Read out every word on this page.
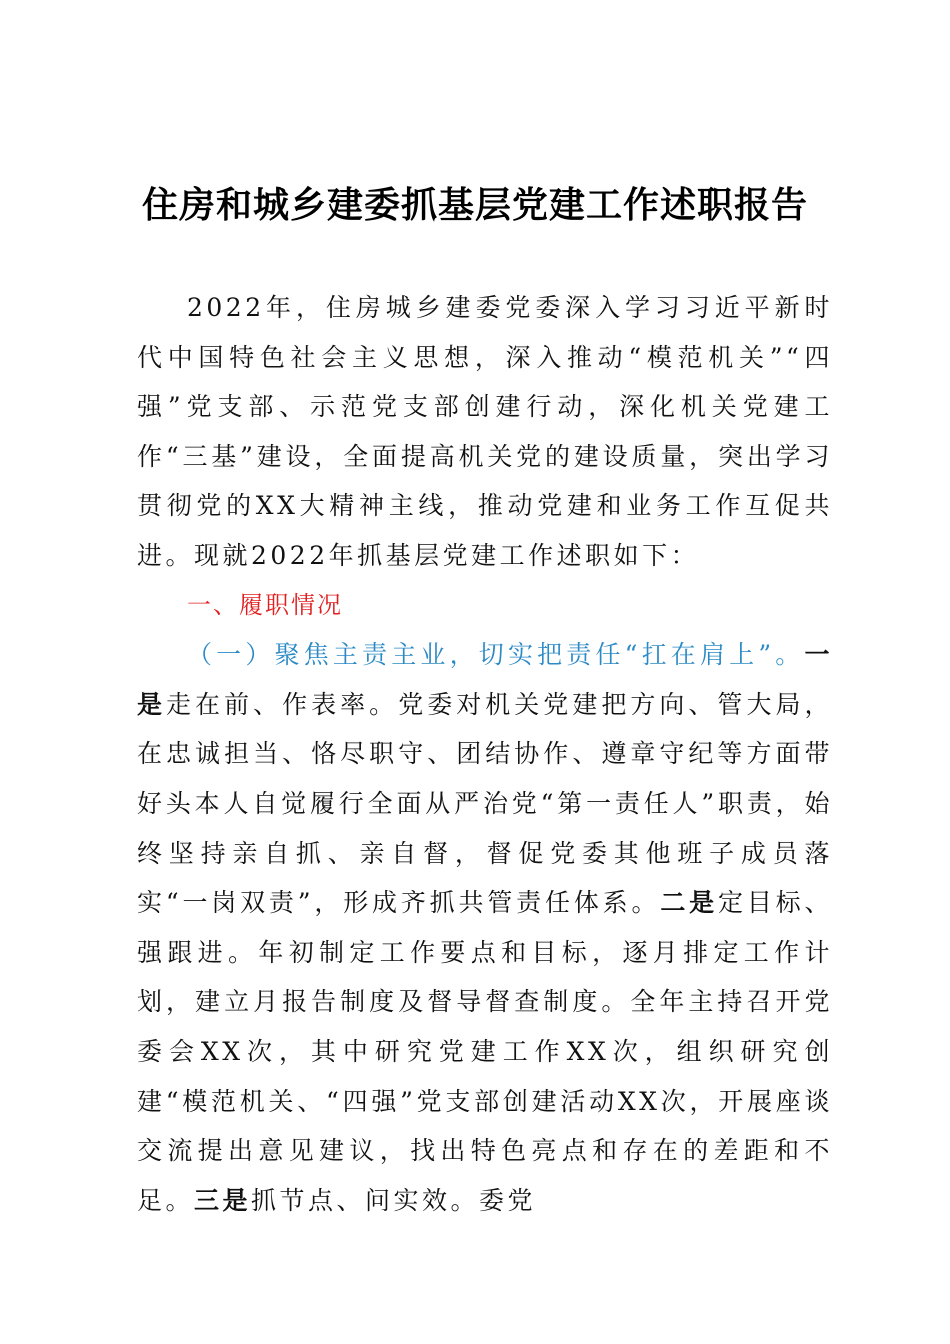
住房和城乡建委抓基层党建工作述职报告

2022年，住房城乡建委党委深入学习习近平新时代中国特色社会主义思想，深入推动“模范机关”“四强”党支部、示范党支部创建行动，深化机关党建工作“三基”建设，全面提高机关党的建设质量，突出学习贯彻党的XX大精神主线，推动党建和业务工作互促共进。现就2022年抓基层党建工作述职如下：

一、履职情况

（一）聚焦主责主业，切实把责任“扛在肩上”。一是走在前、作表率。党委对机关党建把方向、管大局，在忠诚担当、恪尽职守、团结协作、遵章守纪等方面带好头本人自觉履行全面从严治党“第一责任人”职责，始终坚持亲自抓、亲自督，督促党委其他班子成员落实“一岗双责”，形成齐抓共管责任体系。二是定目标、强跟进。年初制定工作要点和目标，逐月排定工作计划，建立月报告制度及督导督查制度。全年主持召开党委会XX次，其中研究党建工作XX次，组织研究创建“模范机关、“四强”党支部创建活动XX次，开展座谈交流提出意见建议，找出特色亮点和存在的差距和不足。三是抓节点、问实效。委党
